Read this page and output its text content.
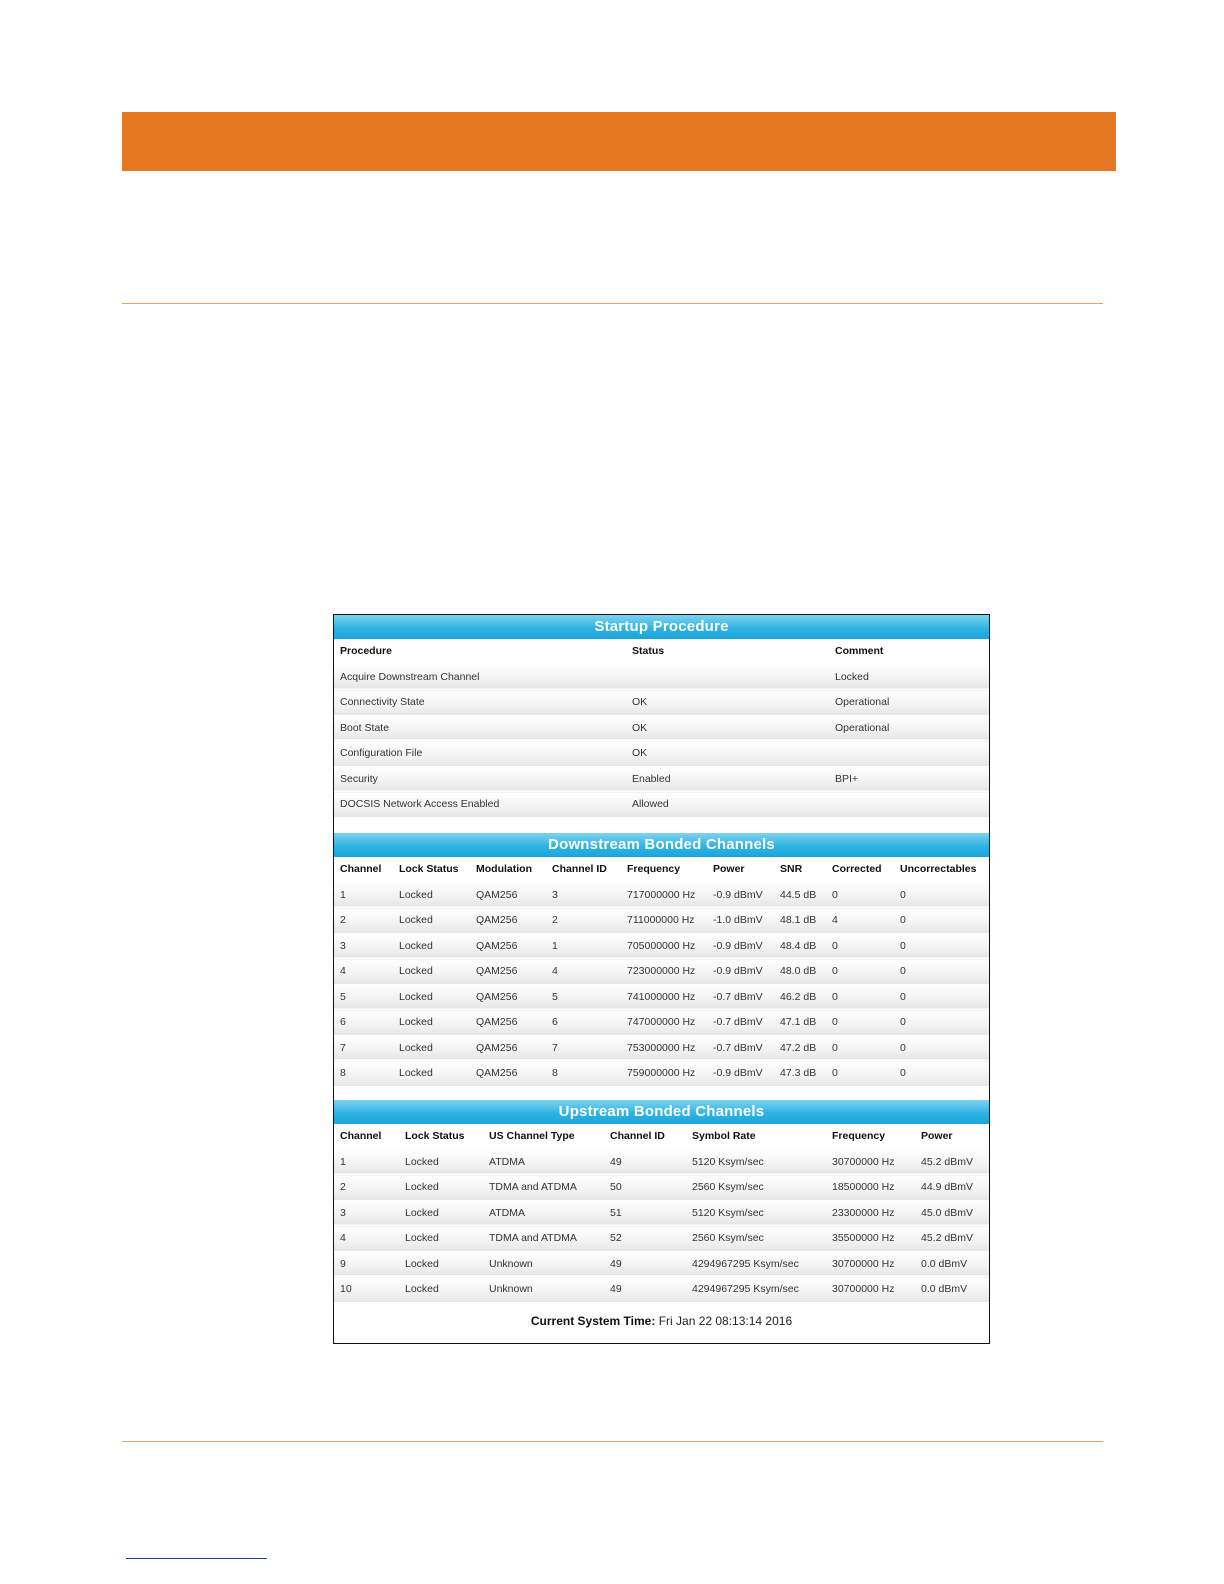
Startup Procedure
Procedure	Status	Comment
Acquire Downstream Channel		Locked
Connectivity State	OK	Operational
Boot State	OK	Operational
Configuration File	OK	
Security	Enabled	BPI+
DOCSIS Network Access Enabled	Allowed	
Downstream Bonded Channels
Channel	Lock Status	Modulation	Channel ID	Frequency	Power	SNR	Corrected	Uncorrectables
1	Locked	QAM256	3	717000000 Hz	-0.9 dBmV	44.5 dB	0	0
2	Locked	QAM256	2	711000000 Hz	-1.0 dBmV	48.1 dB	4	0
3	Locked	QAM256	1	705000000 Hz	-0.9 dBmV	48.4 dB	0	0
4	Locked	QAM256	4	723000000 Hz	-0.9 dBmV	48.0 dB	0	0
5	Locked	QAM256	5	741000000 Hz	-0.7 dBmV	46.2 dB	0	0
6	Locked	QAM256	6	747000000 Hz	-0.7 dBmV	47.1 dB	0	0
7	Locked	QAM256	7	753000000 Hz	-0.7 dBmV	47.2 dB	0	0
8	Locked	QAM256	8	759000000 Hz	-0.9 dBmV	47.3 dB	0	0
Upstream Bonded Channels
Channel	Lock Status	US Channel Type	Channel ID	Symbol Rate	Frequency	Power
1	Locked	ATDMA	49	5120 Ksym/sec	30700000 Hz	45.2 dBmV
2	Locked	TDMA and ATDMA	50	2560 Ksym/sec	18500000 Hz	44.9 dBmV
3	Locked	ATDMA	51	5120 Ksym/sec	23300000 Hz	45.0 dBmV
4	Locked	TDMA and ATDMA	52	2560 Ksym/sec	35500000 Hz	45.2 dBmV
9	Locked	Unknown	49	4294967295 Ksym/sec	30700000 Hz	0.0 dBmV
10	Locked	Unknown	49	4294967295 Ksym/sec	30700000 Hz	0.0 dBmV
Current System Time: Fri Jan 22 08:13:14 2016
